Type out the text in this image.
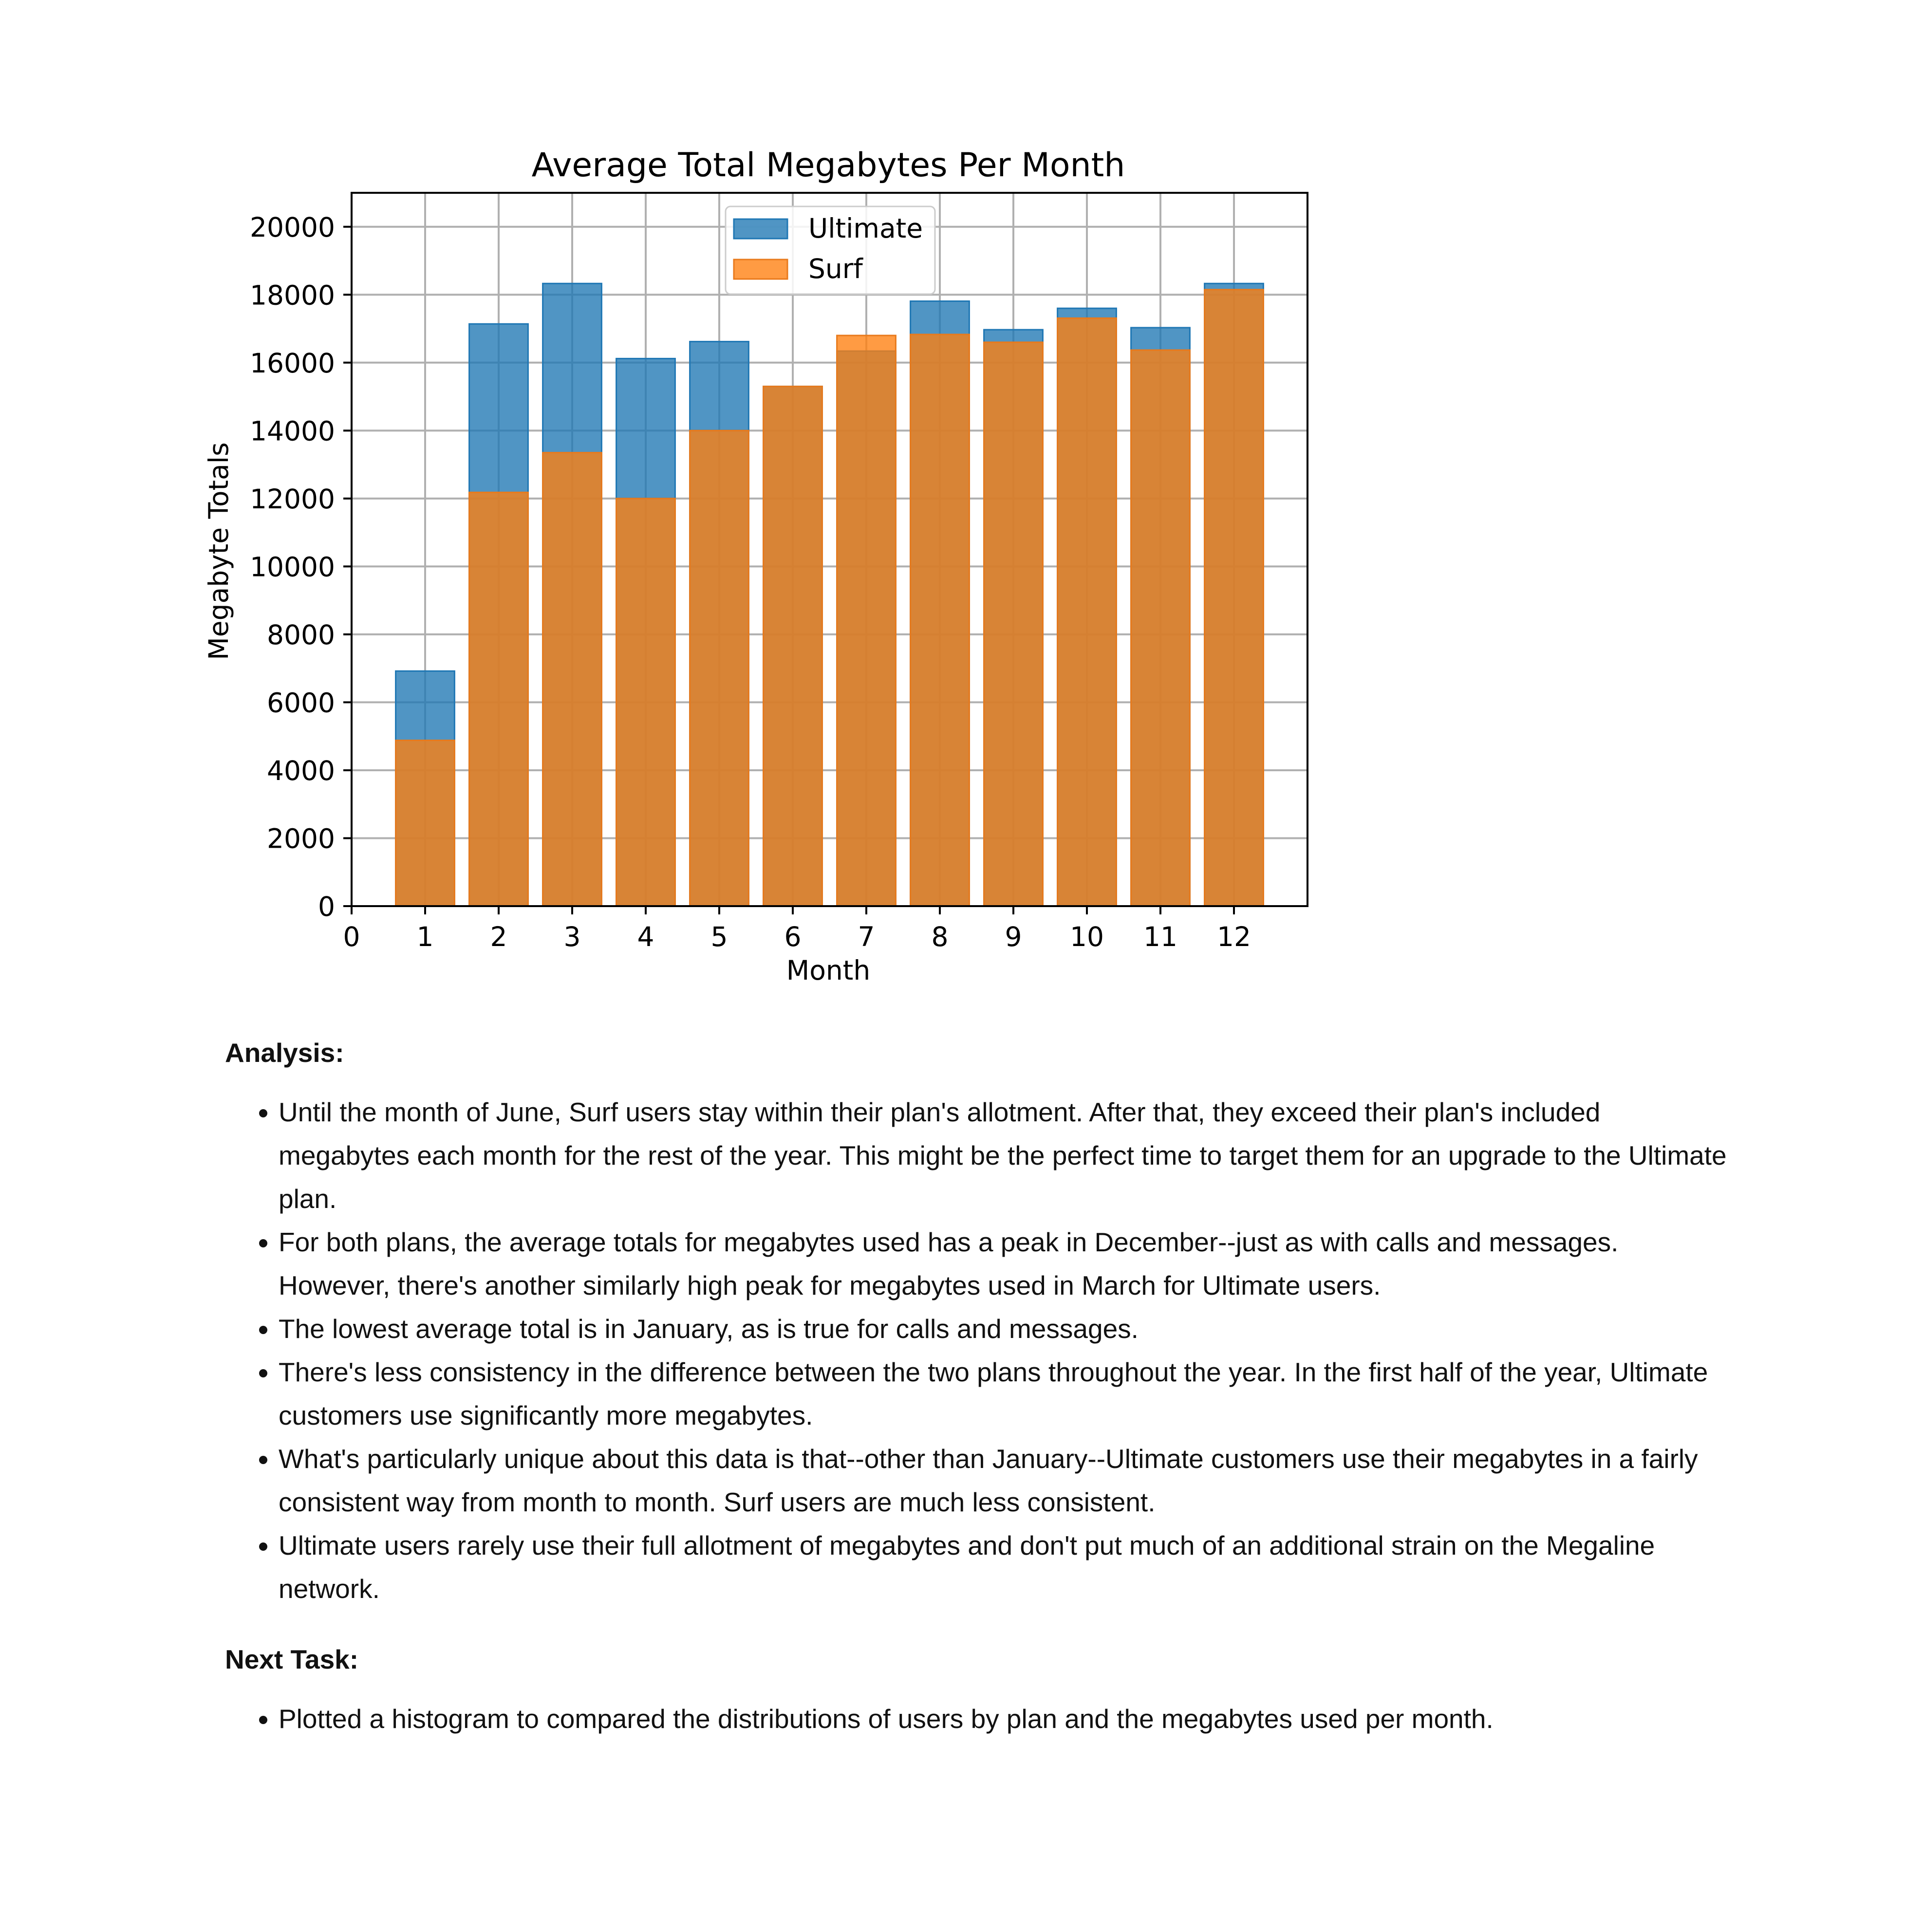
Average Total Megabytes Per Month
0 1 2 3 4 5 6 7 8 9 10 11 12
0
2000
4000
6000
8000
10000
12000
14000
16000
18000
20000
Month
Megabyte Totals
Ultimate
Surf
Analysis:
• Until the month of June, Surf users stay within their plan's allotment. After that, they exceed their plan's included megabytes each month for the rest of the year. This might be the perfect time to target them for an upgrade to the Ultimate plan.
• For both plans, the average totals for megabytes used has a peak in December--just as with calls and messages. However, there's another similarly high peak for megabytes used in March for Ultimate users.
• The lowest average total is in January, as is true for calls and messages.
• There's less consistency in the difference between the two plans throughout the year. In the first half of the year, Ultimate customers use significantly more megabytes.
• What's particularly unique about this data is that--other than January--Ultimate customers use their megabytes in a fairly consistent way from month to month. Surf users are much less consistent.
• Ultimate users rarely use their full allotment of megabytes and don't put much of an additional strain on the Megaline network.
Next Task:
• Plotted a histogram to compared the distributions of users by plan and the megabytes used per month.
